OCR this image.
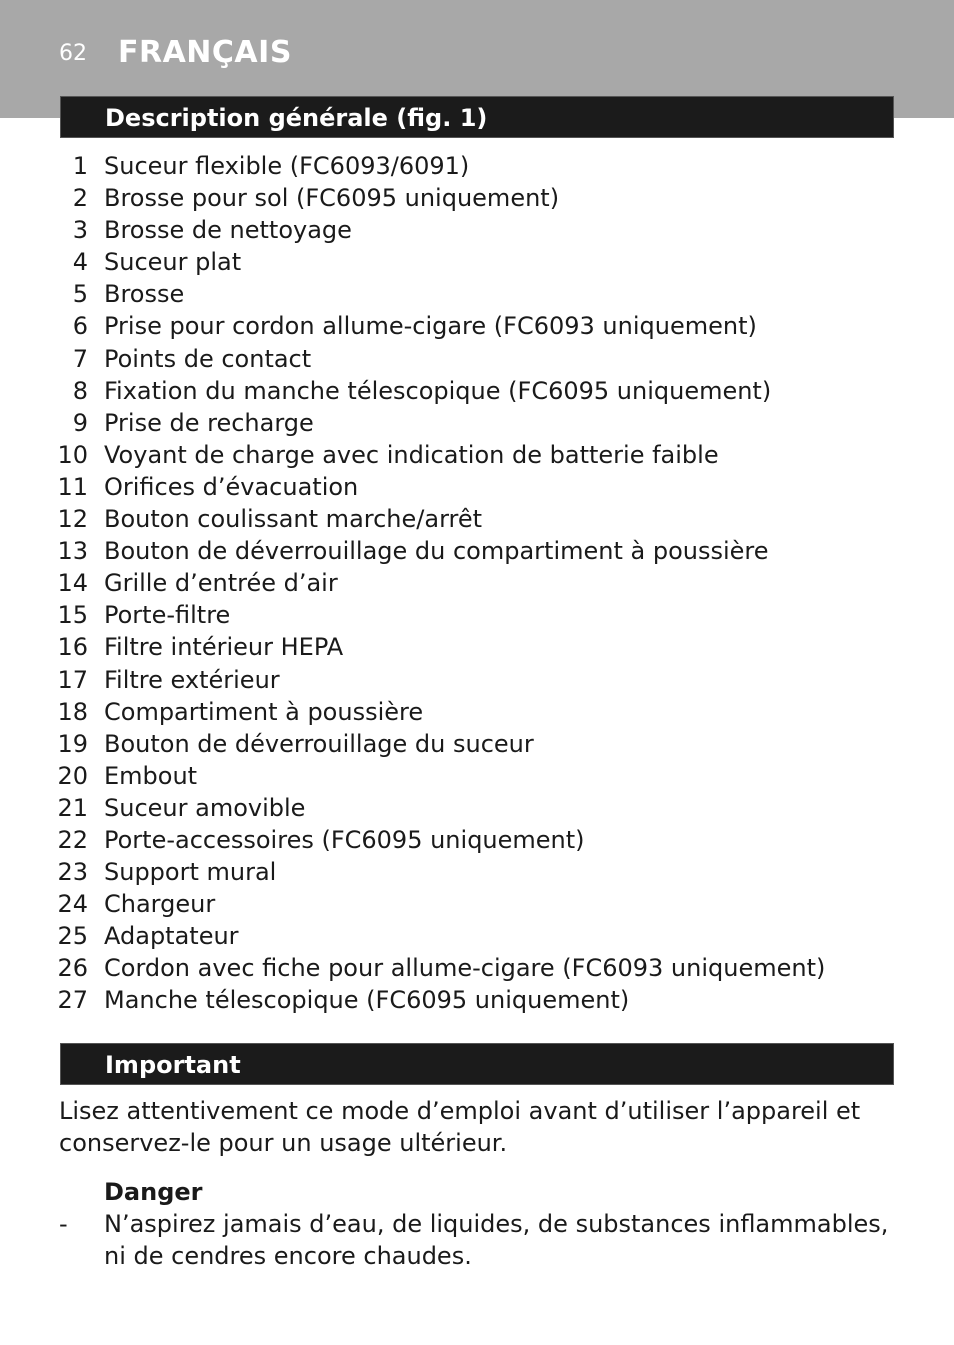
62 FRANÇAIS
Description générale (fig. 1)
1 Suceur flexible (FC6093/6091)
2 Brosse pour sol (FC6095 uniquement)
3 Brosse de nettoyage
4 Suceur plat
5 Brosse
6 Prise pour cordon allume-cigare (FC6093 uniquement)
7 Points de contact
8 Fixation du manche télescopique (FC6095 uniquement)
9 Prise de recharge
10 Voyant de charge avec indication de batterie faible
11 Orifices d’évacuation
12 Bouton coulissant marche/arrêt
13 Bouton de déverrouillage du compartiment à poussière
14 Grille d’entrée d’air
15 Porte-filtre
16 Filtre intérieur HEPA
17 Filtre extérieur
18 Compartiment à poussière
19 Bouton de déverrouillage du suceur
20 Embout
21 Suceur amovible
22 Porte-accessoires (FC6095 uniquement)
23 Support mural
24 Chargeur
25 Adaptateur
26 Cordon avec fiche pour allume-cigare (FC6093 uniquement)
27 Manche télescopique (FC6095 uniquement)
Important
Lisez attentivement ce mode d’emploi avant d’utiliser l’appareil et conservez-le pour un usage ultérieur.
Danger
- N’aspirez jamais d’eau, de liquides, de substances inflammables, ni de cendres encore chaudes.
